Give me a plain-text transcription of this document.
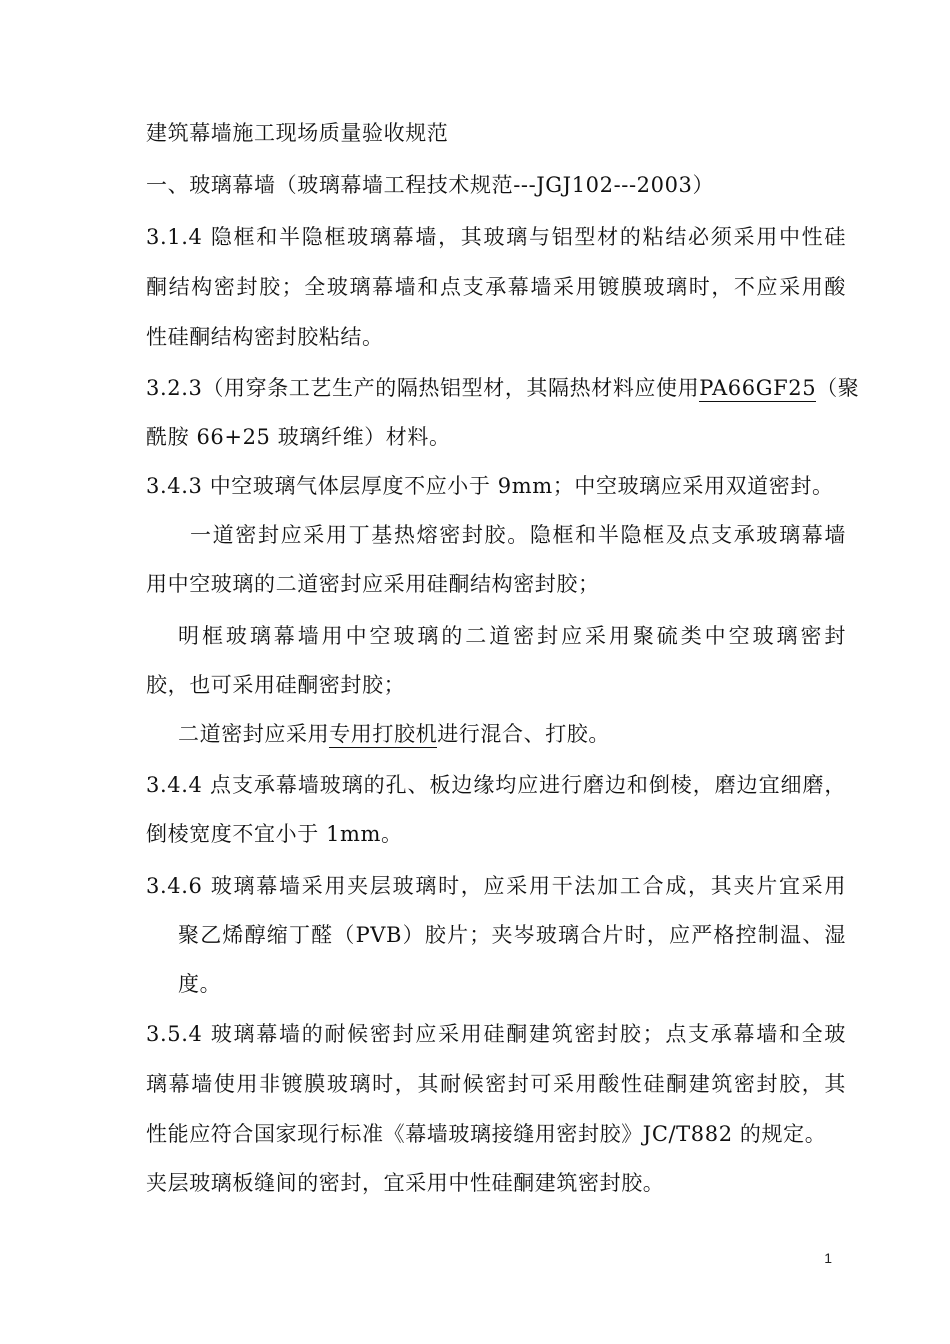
建筑幕墙施工现场质量验收规范
一、玻璃幕墙（玻璃幕墙工程技术规范---JGJ102---2003）
3.1.4 隐框和半隐框玻璃幕墙，其玻璃与铝型材的粘结必须采用中性硅
酮结构密封胶；全玻璃幕墙和点支承幕墙采用镀膜玻璃时，不应采用酸
性硅酮结构密封胶粘结。
3.2.3（用穿条工艺生产的隔热铝型材，其隔热材料应使用PA66GF25（聚
酰胺 66+25 玻璃纤维）材料。
3.4.3 中空玻璃气体层厚度不应小于 9mm；中空玻璃应采用双道密封。
一道密封应采用丁基热熔密封胶。隐框和半隐框及点支承玻璃幕墙
用中空玻璃的二道密封应采用硅酮结构密封胶；
明框玻璃幕墙用中空玻璃的二道密封应采用聚硫类中空玻璃密封
胶，也可采用硅酮密封胶；
二道密封应采用专用打胶机进行混合、打胶。
3.4.4 点支承幕墙玻璃的孔、板边缘均应进行磨边和倒棱，磨边宜细磨，
倒棱宽度不宜小于 1mm。
3.4.6 玻璃幕墙采用夹层玻璃时，应采用干法加工合成，其夹片宜采用
聚乙烯醇缩丁醛（PVB）胶片；夹岑玻璃合片时，应严格控制温、湿
度。
3.5.4 玻璃幕墙的耐候密封应采用硅酮建筑密封胶；点支承幕墙和全玻
璃幕墙使用非镀膜玻璃时，其耐候密封可采用酸性硅酮建筑密封胶，其
性能应符合国家现行标准《幕墙玻璃接缝用密封胶》JC/T882 的规定。
夹层玻璃板缝间的密封，宜采用中性硅酮建筑密封胶。
1
